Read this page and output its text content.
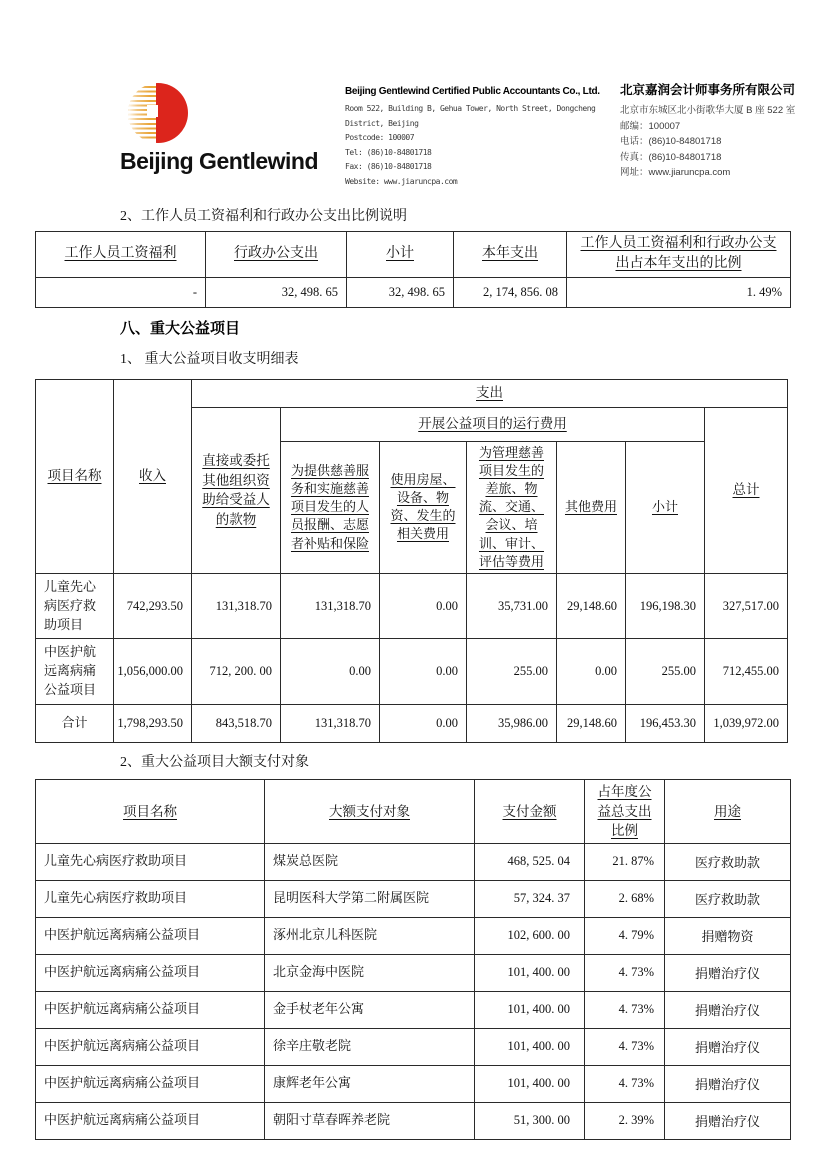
Beijing Gentlewind
Beijing Gentlewind Certified Public Accountants Co., Ltd.
Room 522, Building B, Gehua Tower, North Street, Dongcheng
District, Beijing
Postcode: 100007
Tel: (86)10-84801718
Fax: (86)10-84801718
Website: www.jiaruncpa.com
北京嘉润会计师事务所有限公司
北京市东城区北小街歌华大厦 B 座 522 室
邮编：100007
电话：(86)10-84801718
传真：(86)10-84801718
网址：www.jiaruncpa.com
2、工作人员工资福利和行政办公支出比例说明
工作人员工资福利	行政办公支出	小计	本年支出	工作人员工资福利和行政办公支出占本年支出的比例
-	32, 498. 65	32, 498. 65	2, 174, 856. 08	1. 49%
八、重大公益项目
1、 重大公益项目收支明细表
项目名称	收入	支出						
		直接或委托其他组织资助给受益人的款物	开展公益项目的运行费用					总计
			为提供慈善服务和实施慈善项目发生的人员报酬、志愿者补贴和保险	使用房屋、设备、物资、发生的相关费用	为管理慈善项目发生的差旅、物流、交通、会议、培训、审计、评估等费用	其他费用	小计	
儿童先心病医疗救助项目	742,293.50	131,318.70	131,318.70	0.00	35,731.00	29,148.60	196,198.30	327,517.00
中医护航远离病痛公益项目	1,056,000.00	712, 200. 00	0.00	0.00	255.00	0.00	255.00	712,455.00
合计	1,798,293.50	843,518.70	131,318.70	0.00	35,986.00	29,148.60	196,453.30	1,039,972.00
2、重大公益项目大额支付对象
项目名称	大额支付对象	支付金额	占年度公益总支出比例	用途
儿童先心病医疗救助项目	煤炭总医院	468, 525. 04	21. 87%	医疗救助款
儿童先心病医疗救助项目	昆明医科大学第二附属医院	57, 324. 37	2. 68%	医疗救助款
中医护航远离病痛公益项目	涿州北京儿科医院	102, 600. 00	4. 79%	捐赠物资
中医护航远离病痛公益项目	北京金海中医院	101, 400. 00	4. 73%	捐赠治疗仪
中医护航远离病痛公益项目	金手杖老年公寓	101, 400. 00	4. 73%	捐赠治疗仪
中医护航远离病痛公益项目	徐辛庄敬老院	101, 400. 00	4. 73%	捐赠治疗仪
中医护航远离病痛公益项目	康辉老年公寓	101, 400. 00	4. 73%	捐赠治疗仪
中医护航远离病痛公益项目	朝阳寸草春晖养老院	51, 300. 00	2. 39%	捐赠治疗仪
